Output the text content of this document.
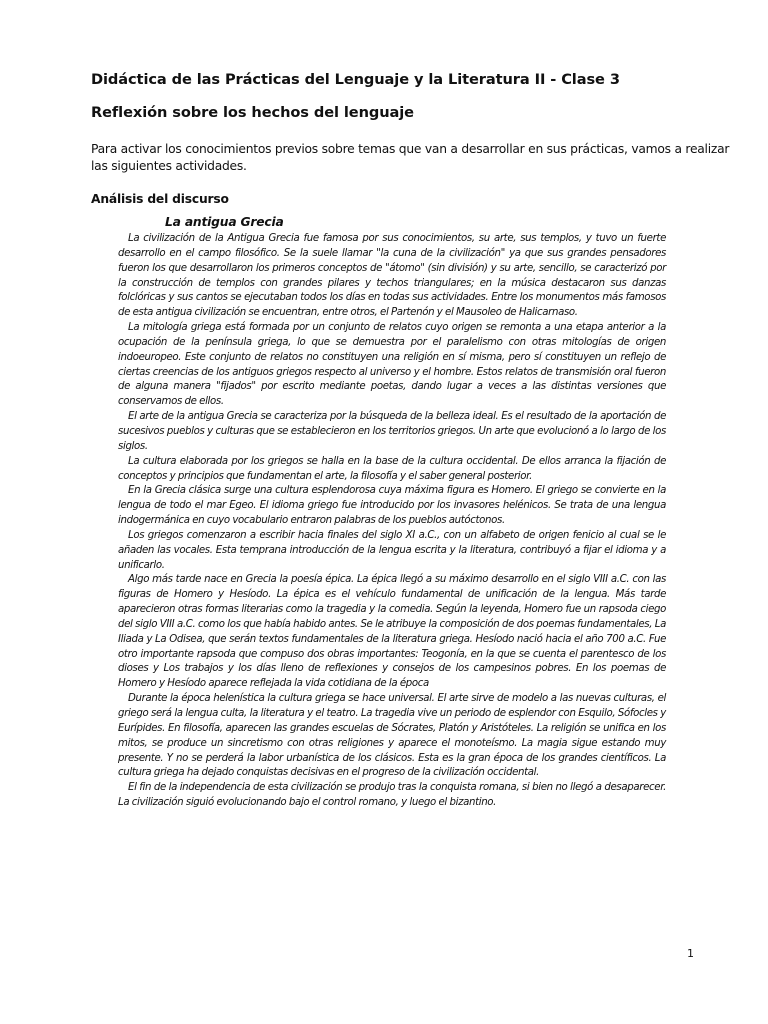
Didáctica de las Prácticas del Lenguaje y la Literatura II - Clase 3
Reflexión sobre los hechos del lenguaje
Para activar los conocimientos previos sobre temas que van a desarrollar en sus prácticas, vamos a realizar
las siguientes actividades.
Análisis del discurso
La antigua Grecia

La civilización de la Antigua Grecia fue famosa por sus conocimientos, su arte, sus templos, y tuvo un fuerte desarrollo en el campo filosófico. Se la suele llamar "la cuna de la civilización" ya que sus grandes pensadores fueron los que desarrollaron los primeros conceptos de "átomo" (sin división) y su arte, sencillo, se caracterizó por la construcción de templos con grandes pilares y techos triangulares; en la música destacaron sus danzas folclóricas y sus cantos se ejecutaban todos los días en todas sus actividades. Entre los monumentos más famosos de esta antigua civilización se encuentran, entre otros, el Partenón y el Mausoleo de Halicarnaso.

La mitología griega está formada por un conjunto de relatos cuyo origen se remonta a una etapa anterior a la ocupación de la península griega, lo que se demuestra por el paralelismo con otras mitologías de origen indoeuropeo. Este conjunto de relatos no constituyen una religión en sí misma, pero sí constituyen un reflejo de ciertas creencias de los antiguos griegos respecto al universo y el hombre. Estos relatos de transmisión oral fueron de alguna manera "fijados" por escrito mediante poetas, dando lugar a veces a las distintas versiones que conservamos de ellos.

El arte de la antigua Grecia se caracteriza por la búsqueda de la belleza ideal. Es el resultado de la aportación de sucesivos pueblos y culturas que se establecieron en los territorios griegos. Un arte que evolucionó a lo largo de los siglos.

La cultura elaborada por los griegos se halla en la base de la cultura occidental. De ellos arranca la fijación de conceptos y principios que fundamentan el arte, la filosofía y el saber general posterior.

En la Grecia clásica surge una cultura esplendorosa cuya máxima figura es Homero. El griego se convierte en la lengua de todo el mar Egeo. El idioma griego fue introducido por los invasores helénicos. Se trata de una lengua indogermánica en cuyo vocabulario entraron palabras de los pueblos autóctonos.

Los griegos comenzaron a escribir hacia finales del siglo XI a.C., con un alfabeto de origen fenicio al cual se le añaden las vocales. Esta temprana introducción de la lengua escrita y la literatura, contribuyó a fijar el idioma y a unificarlo.

Algo más tarde nace en Grecia la poesía épica. La épica llegó a su máximo desarrollo en el siglo VIII a.C. con las figuras de Homero y Hesíodo. La épica es el vehículo fundamental de unificación de la lengua. Más tarde aparecieron otras formas literarias como la tragedia y la comedia. Según la leyenda, Homero fue un rapsoda ciego del siglo VIII a.C. como los que había habido antes. Se le atribuye la composición de dos poemas fundamentales, La Iliada y La Odisea, que serán textos fundamentales de la literatura griega. Hesíodo nació hacia el año 700 a.C. Fue otro importante rapsoda que compuso dos obras importantes: Teogonía, en la que se cuenta el parentesco de los dioses y Los trabajos y los días lleno de reflexiones y consejos de los campesinos pobres. En los poemas de Homero y Hesíodo aparece reflejada la vida cotidiana de la época

Durante la época helenística la cultura griega se hace universal. El arte sirve de modelo a las nuevas culturas, el griego será la lengua culta, la literatura y el teatro. La tragedia vive un periodo de esplendor con Esquilo, Sófocles y Eurípides. En filosofía, aparecen las grandes escuelas de Sócrates, Platón y Aristóteles. La religión se unifica en los mitos, se produce un sincretismo con otras religiones y aparece el monoteísmo. La magia sigue estando muy presente. Y no se perderá la labor urbanística de los clásicos. Esta es la gran época de los grandes científicos. La cultura griega ha dejado conquistas decisivas en el progreso de la civilización occidental.

El fin de la independencia de esta civilización se produjo tras la conquista romana, si bien no llegó a desaparecer. La civilización siguió evolucionando bajo el control romano, y luego el bizantino.

1
